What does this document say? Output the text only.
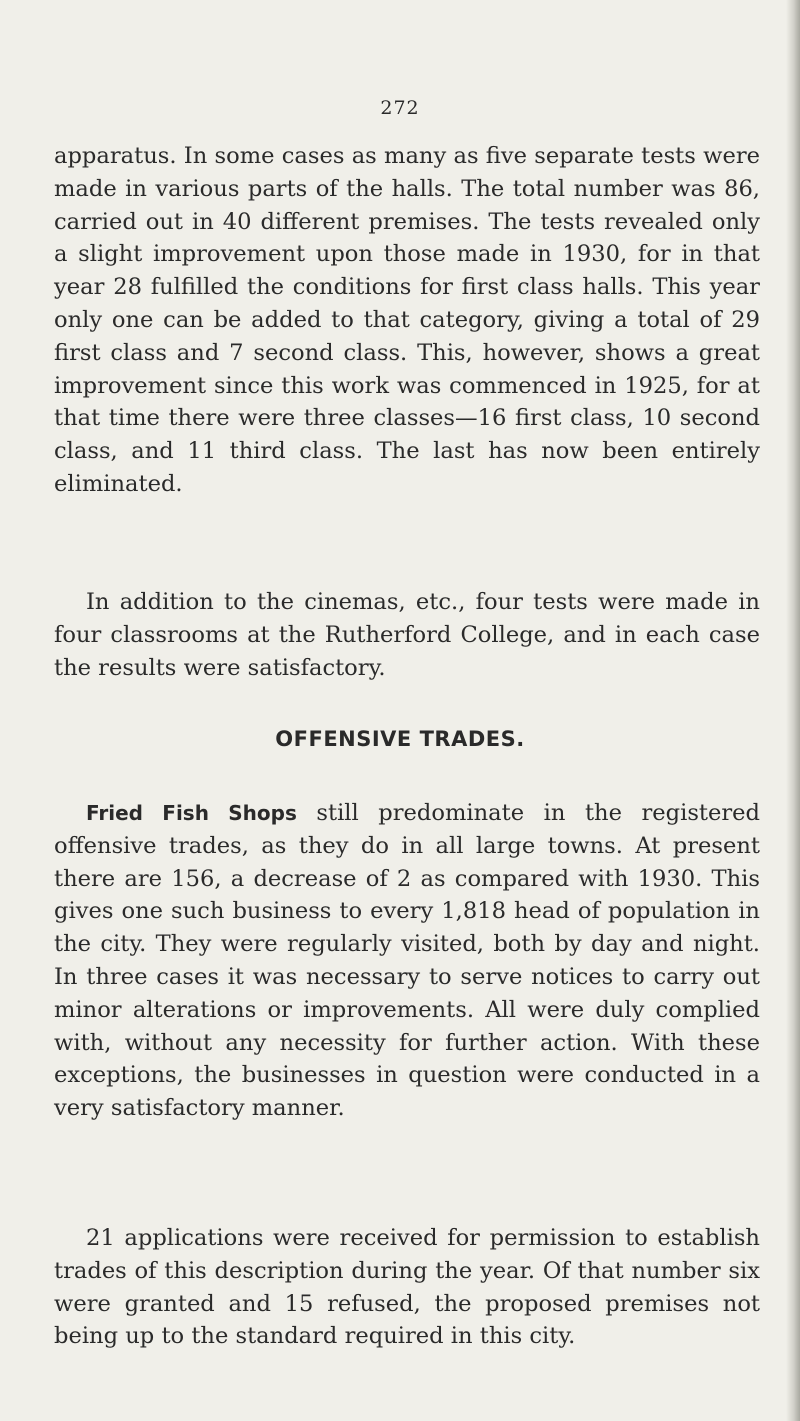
272

apparatus. In some cases as many as five separate tests were made in various parts of the halls. The total number was 86, carried out in 40 different premises. The tests revealed only a slight improvement upon those made in 1930, for in that year 28 fulfilled the conditions for first class halls. This year only one can be added to that category, giving a total of 29 first class and 7 second class. This, however, shows a great improvement since this work was commenced in 1925, for at that time there were three classes—16 first class, 10 second class, and 11 third class. The last has now been entirely eliminated.

In addition to the cinemas, etc., four tests were made in four classrooms at the Rutherford College, and in each case the results were satisfactory.

OFFENSIVE TRADES.

Fried Fish Shops still predominate in the registered offensive trades, as they do in all large towns. At present there are 156, a decrease of 2 as compared with 1930. This gives one such business to every 1,818 head of population in the city. They were regularly visited, both by day and night. In three cases it was necessary to serve notices to carry out minor alterations or improvements. All were duly complied with, without any necessity for further action. With these exceptions, the businesses in question were conducted in a very satisfactory manner.

21 applications were received for permission to establish trades of this description during the year. Of that number six were granted and 15 refused, the proposed premises not being up to the standard required in this city.
